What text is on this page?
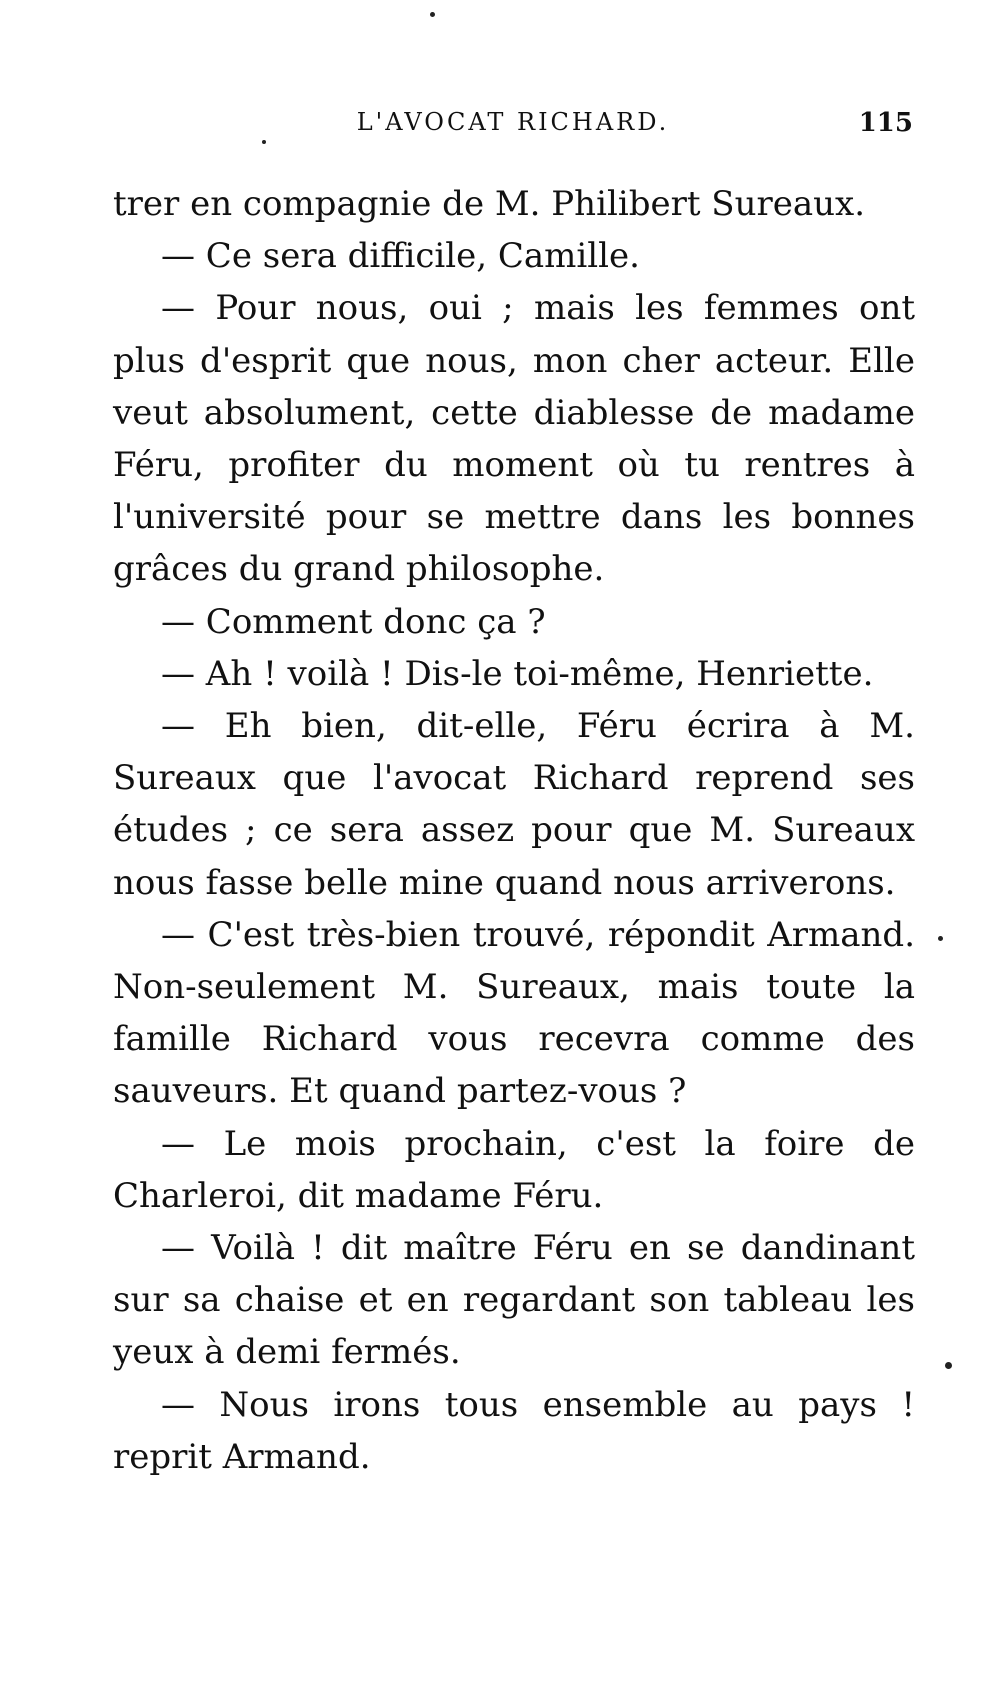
L'AVOCAT RICHARD.	115

trer en compagnie de M. Philibert Sureaux.

— Ce sera difficile, Camille.

— Pour nous, oui ; mais les femmes ont plus d'esprit que nous, mon cher acteur. Elle veut absolument, cette diablesse de madame Féru, profiter du moment où tu rentres à l'université pour se mettre dans les bonnes grâces du grand philosophe.

— Comment donc ça ?

— Ah ! voilà ! Dis-le toi-même, Henriette.

— Eh bien, dit-elle, Féru écrira à M. Sureaux que l'avocat Richard reprend ses études ; ce sera assez pour que M. Sureaux nous fasse belle mine quand nous arriverons.

— C'est très-bien trouvé, répondit Armand. Non-seulement M. Sureaux, mais toute la famille Richard vous recevra comme des sauveurs. Et quand partez-vous ?

— Le mois prochain, c'est la foire de Charleroi, dit madame Féru.

— Voilà ! dit maître Féru en se dandinant sur sa chaise et en regardant son tableau les yeux à demi fermés.

— Nous irons tous ensemble au pays ! reprit Armand.
